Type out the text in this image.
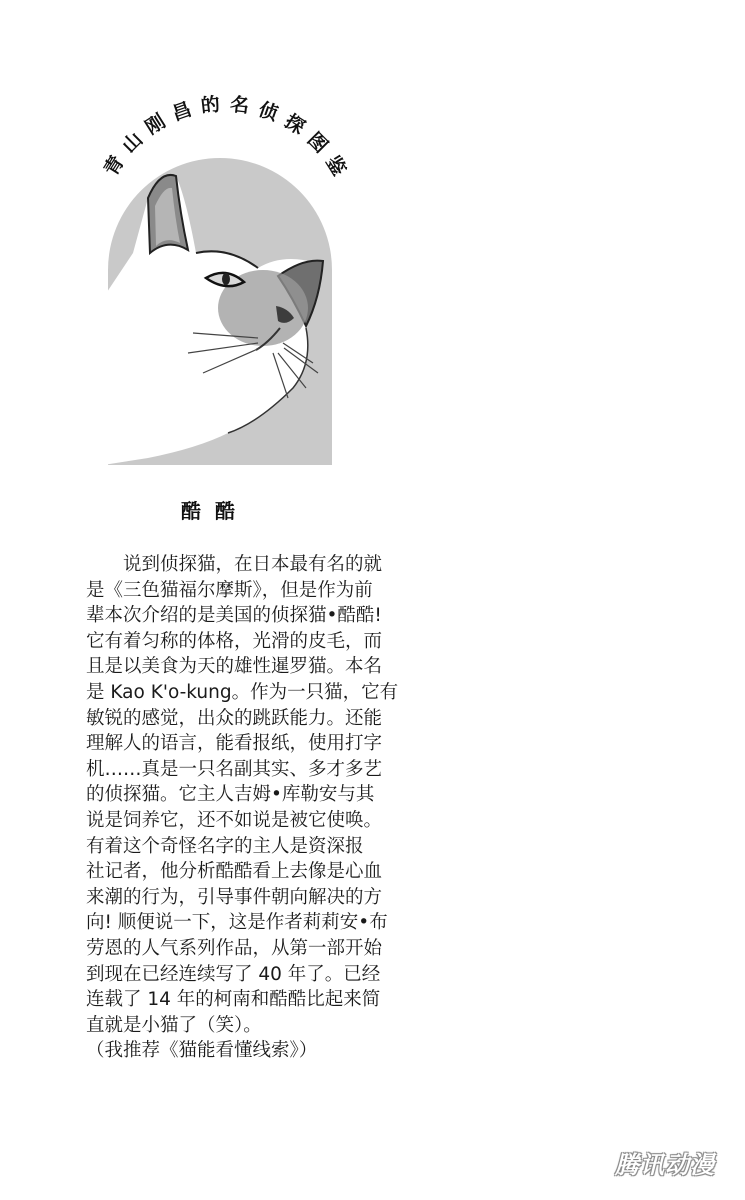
青
山
刚 昌 的 名 侦 探
图
鉴
酷酷

说到侦探猫，在日本最有名的就

是《三色猫福尔摩斯》，但是作为前

辈本次介绍的是美国的侦探猫•酷酷!

它有着匀称的体格，光滑的皮毛，而

且是以美食为天的雄性暹罗猫。本名

是 Kao K'o-kung。作为一只猫，它有

敏锐的感觉，出众的跳跃能力。还能

理解人的语言，能看报纸，使用打字

机……真是一只名副其实、多才多艺

的侦探猫。它主人吉姆•库勒安与其

说是饲养它，还不如说是被它使唤。

有着这个奇怪名字的主人是资深报

社记者，他分析酷酷看上去像是心血

来潮的行为，引导事件朝向解决的方

向! 顺便说一下，这是作者莉莉安•布

劳恩的人气系列作品，从第一部开始

到现在已经连续写了 40 年了。已经

连载了 14 年的柯南和酷酷比起来简

直就是小猫了（笑）。

（我推荐《猫能看懂线索》）

腾讯动漫
